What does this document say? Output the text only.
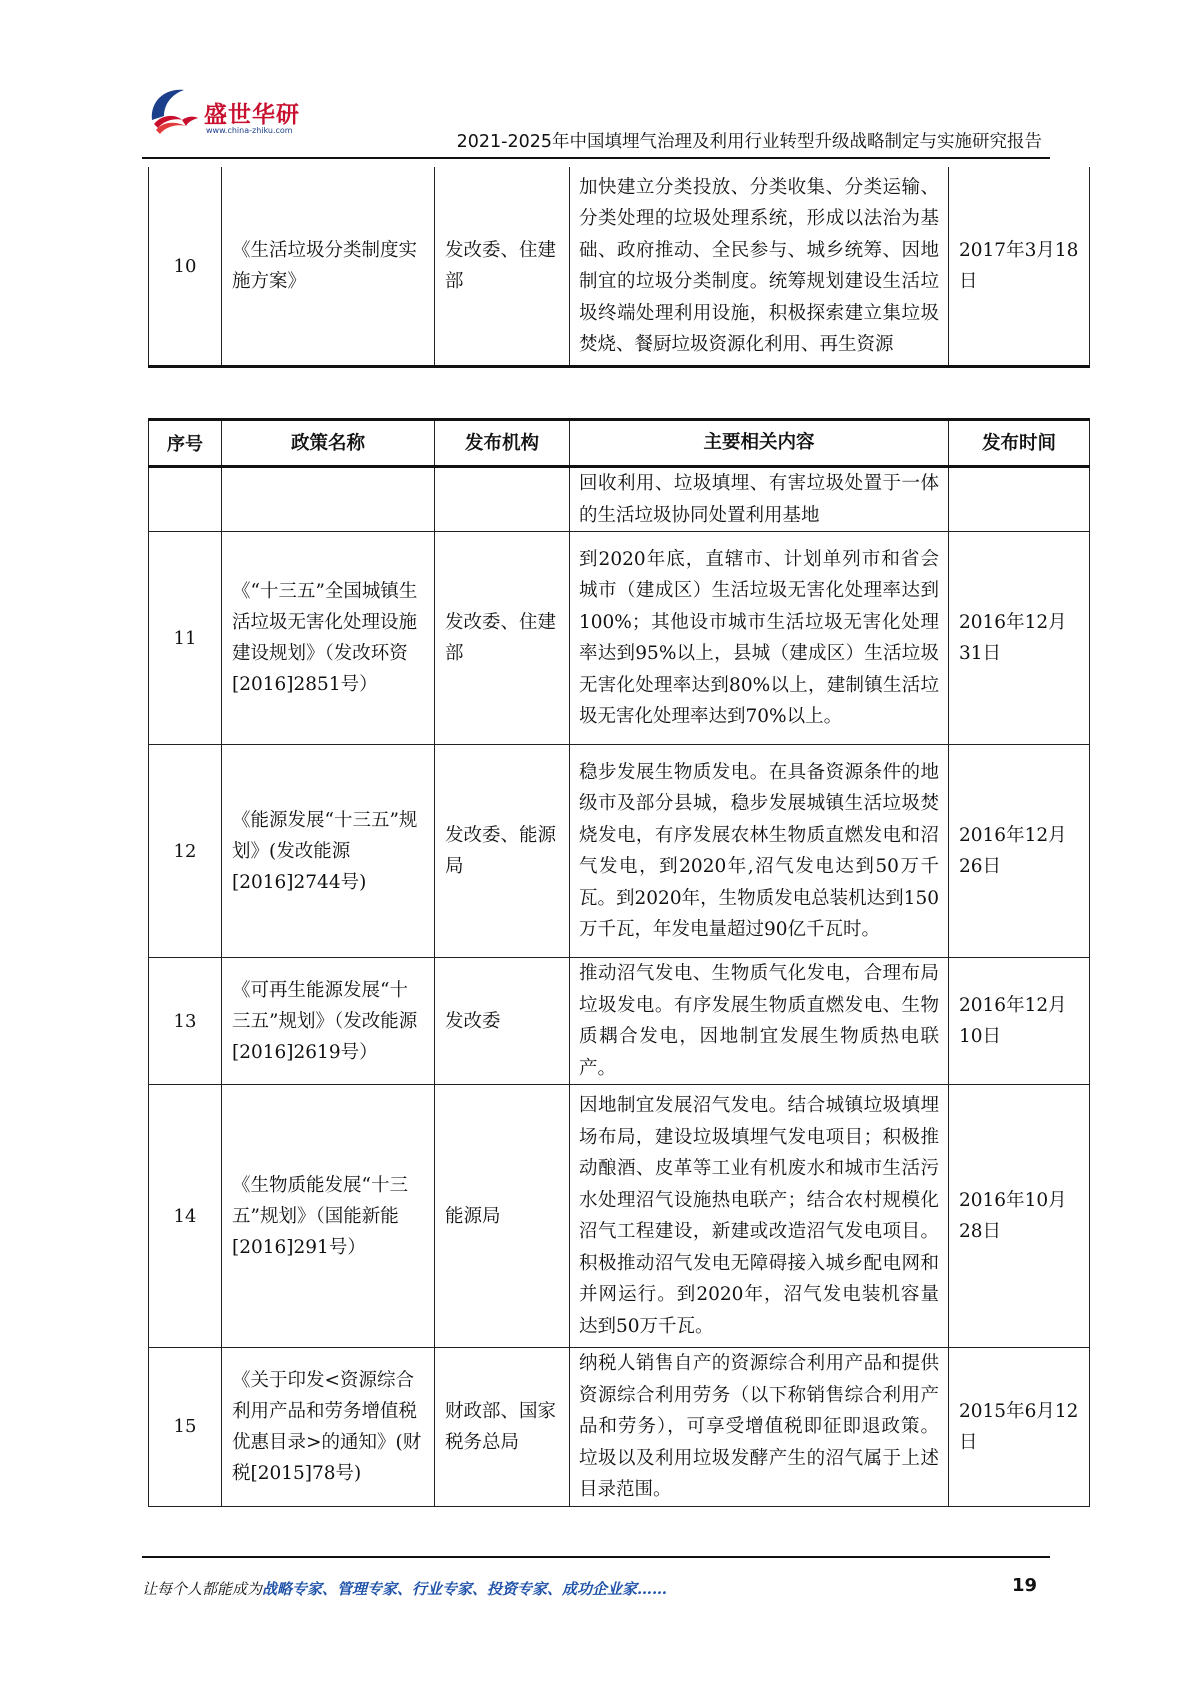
盛世华研
www.china-zhiku.com
2021-2025年中国填埋气治理及利用行业转型升级战略制定与实施研究报告
10	《生活垃圾分类制度实施方案》	发改委、住建部	加快建立分类投放、分类收集、分类运输、分类处理的垃圾处理系统，形成以法治为基础、政府推动、全民参与、城乡统筹、因地制宜的垃圾分类制度。统筹规划建设生活垃圾终端处理利用设施，积极探索建立集垃圾焚烧、餐厨垃圾资源化利用、再生资源	2017年3月18日
序号	政策名称	发布机构	主要相关内容	发布时间
			回收利用、垃圾填埋、有害垃圾处置于一体的生活垃圾协同处置利用基地	
11	《“十三五”全国城镇生活垃圾无害化处理设施建设规划》（发改环资[2016]2851号）	发改委、住建部	到2020年底，直辖市、计划单列市和省会城市（建成区）生活垃圾无害化处理率达到100%；其他设市城市生活垃圾无害化处理率达到95%以上，县城（建成区）生活垃圾无害化处理率达到80%以上，建制镇生活垃圾无害化处理率达到70%以上。	2016年12月31日
12	《能源发展“十三五”规划》(发改能源[2016]2744号)	发改委、能源局	稳步发展生物质发电。在具备资源条件的地级市及部分县城，稳步发展城镇生活垃圾焚烧发电，有序发展农林生物质直燃发电和沼气发电，到2020年,沼气发电达到50万千瓦。到2020年，生物质发电总装机达到150万千瓦，年发电量超过90亿千瓦时。	2016年12月26日
13	《可再生能源发展“十三五”规划》（发改能源[2016]2619号）	发改委	推动沼气发电、生物质气化发电，合理布局垃圾发电。有序发展生物质直燃发电、生物质耦合发电，因地制宜发展生物质热电联产。	2016年12月10日
14	《生物质能发展“十三五”规划》（国能新能[2016]291号）	能源局	因地制宜发展沼气发电。结合城镇垃圾填埋场布局，建设垃圾填埋气发电项目；积极推动酿酒、皮革等工业有机废水和城市生活污水处理沼气设施热电联产；结合农村规模化沼气工程建设，新建或改造沼气发电项目。积极推动沼气发电无障碍接入城乡配电网和并网运行。到2020年，沼气发电装机容量达到50万千瓦。	2016年10月28日
15	《关于印发<资源综合利用产品和劳务增值税优惠目录>的通知》(财税[2015]78号)	财政部、国家税务总局	纳税人销售自产的资源综合利用产品和提供资源综合利用劳务（以下称销售综合利用产品和劳务），可享受增值税即征即退政策。垃圾以及利用垃圾发酵产生的沼气属于上述目录范围。	2015年6月12日
让每个人都能成为战略专家、管理专家、行业专家、投资专家、成功企业家……	19
